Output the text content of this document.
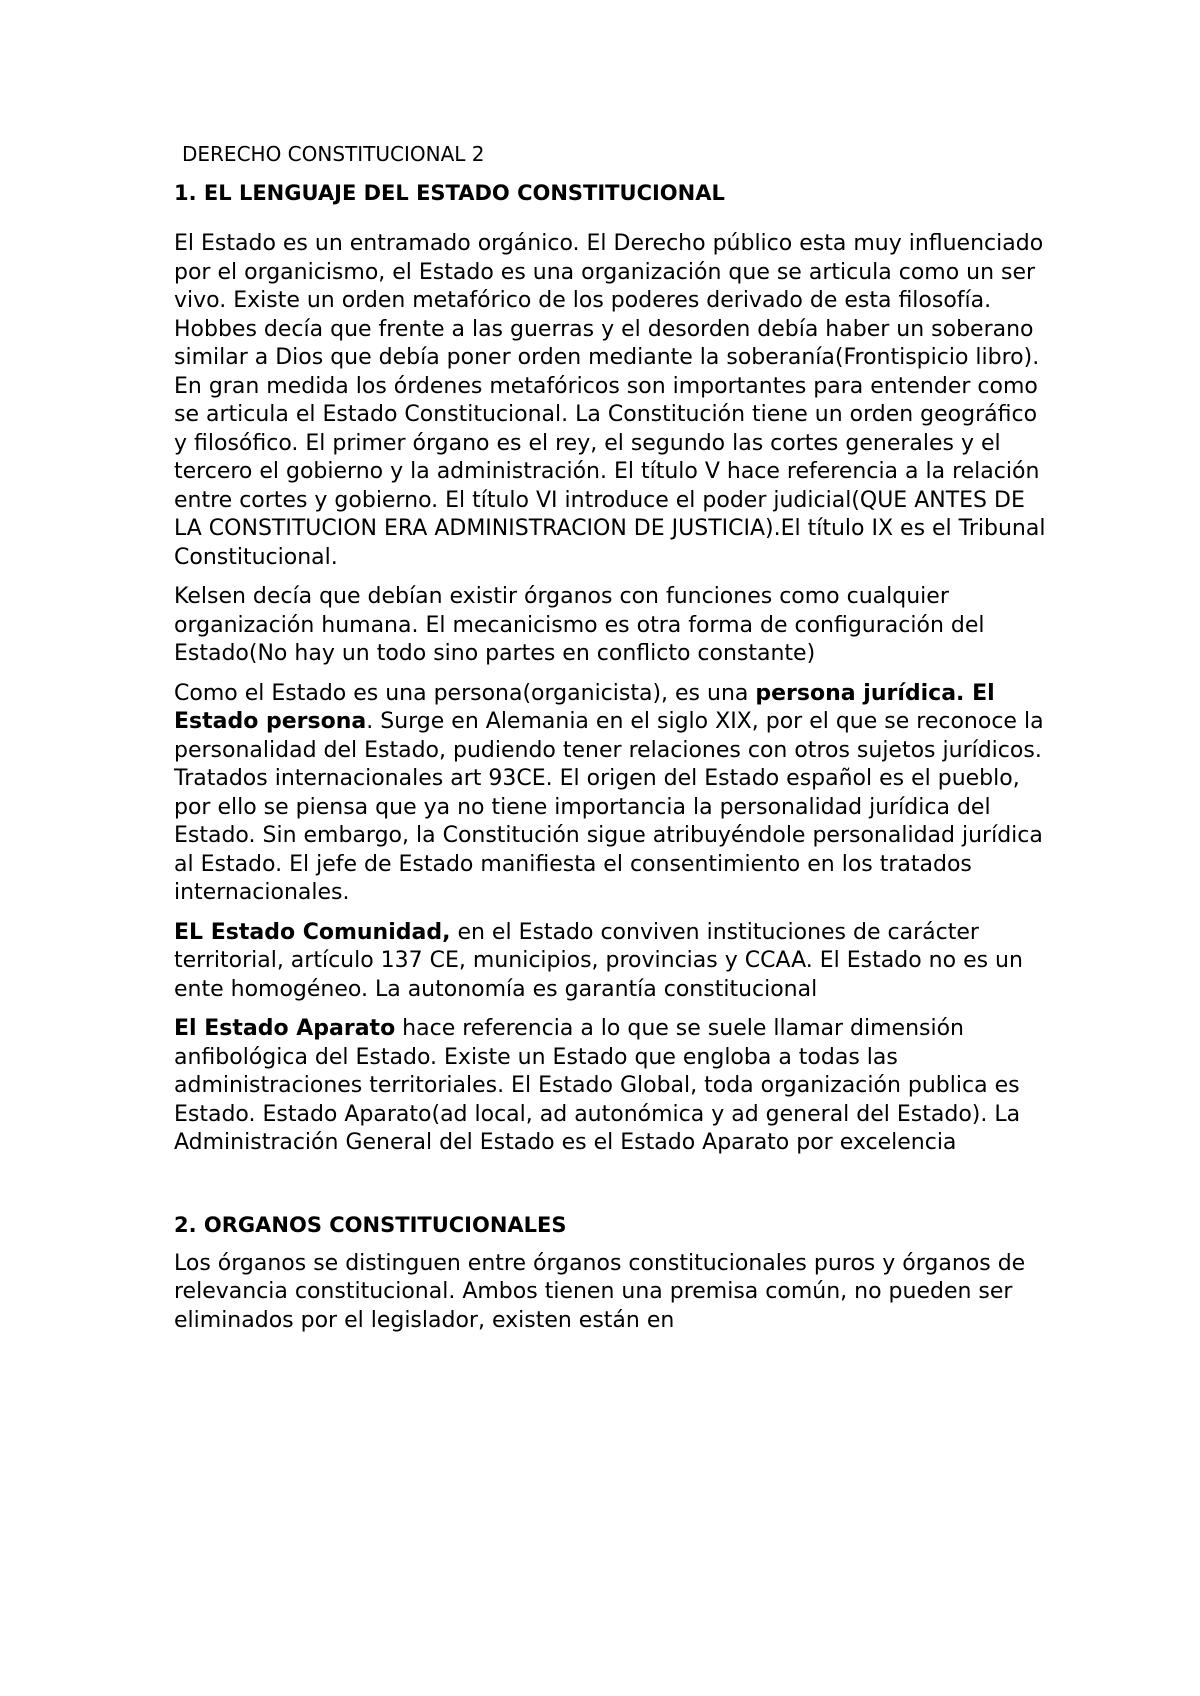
DERECHO CONSTITUCIONAL 2
1. EL LENGUAJE DEL ESTADO CONSTITUCIONAL

El Estado es un entramado orgánico. El Derecho público esta muy influenciado por el organicismo, el Estado es una organización que se articula como un ser vivo. Existe un orden metafórico de los poderes derivado de esta filosofía. Hobbes decía que frente a las guerras y el desorden debía haber un soberano similar a Dios que debía poner orden mediante la soberanía(Frontispicio libro). En gran medida los órdenes metafóricos son importantes para entender como se articula el Estado Constitucional. La Constitución tiene un orden geográfico y filosófico. El primer órgano es el rey, el segundo las cortes generales y el tercero el gobierno y la administración. El título V hace referencia a la relación entre cortes y gobierno. El título VI introduce el poder judicial(QUE ANTES DE LA CONSTITUCION ERA ADMINISTRACION DE JUSTICIA).El título IX es el Tribunal Constitucional.

Kelsen decía que debían existir órganos con funciones como cualquier organización humana. El mecanicismo es otra forma de configuración del Estado(No hay un todo sino partes en conflicto constante)

Como el Estado es una persona(organicista), es una persona jurídica. El Estado persona. Surge en Alemania en el siglo XIX, por el que se reconoce la personalidad del Estado, pudiendo tener relaciones con otros sujetos jurídicos. Tratados internacionales art 93CE. El origen del Estado español es el pueblo, por ello se piensa que ya no tiene importancia la personalidad jurídica del Estado. Sin embargo, la Constitución sigue atribuyéndole personalidad jurídica al Estado. El jefe de Estado manifiesta el consentimiento en los tratados internacionales.

EL Estado Comunidad, en el Estado conviven instituciones de carácter territorial, artículo 137 CE, municipios, provincias y CCAA. El Estado no es un ente homogéneo. La autonomía es garantía constitucional

El Estado Aparato hace referencia a lo que se suele llamar dimensión anfibológica del Estado. Existe un Estado que engloba a todas las administraciones territoriales. El Estado Global, toda organización publica es Estado. Estado Aparato(ad local, ad autonómica y ad general del Estado). La Administración General del Estado es el Estado Aparato por excelencia

2. ORGANOS CONSTITUCIONALES

Los órganos se distinguen entre órganos constitucionales puros y órganos de relevancia constitucional. Ambos tienen una premisa común, no pueden ser eliminados por el legislador, existen están en
